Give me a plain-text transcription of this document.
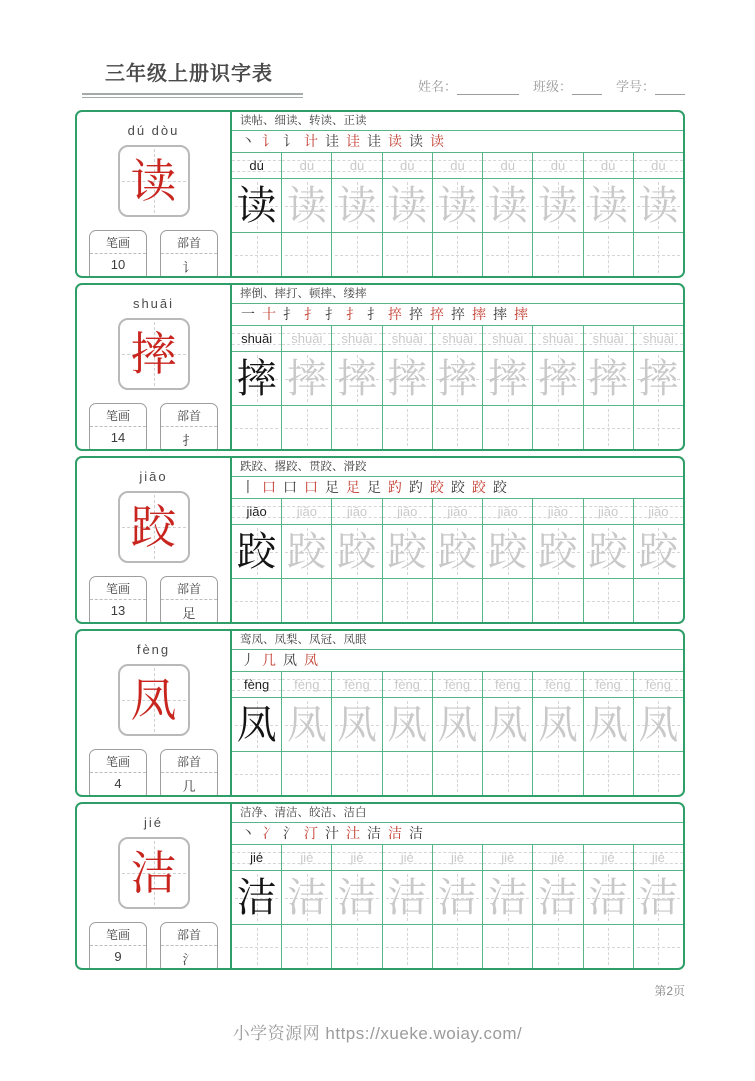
三年级上册识字表
姓名：	班级：	学号：
dú dòu
读
笔画
10
部首
讠
读帖、细读、转读、正读
丶 讠 讠 计 诖 诖 诖 读 读 读
dú	dú	dú	dú	dú	dú	dú	dú	dú
读 读 读 读 读 读 读 读 读
shuāi
摔
笔画
14
部首
扌
摔倒、摔打、顿摔、缕摔
一 十 扌 扌 扌 扌 扌 捽 捽 捽 捽 摔 摔 摔
shuāi shuāi shuāi shuāi shuāi shuāi shuāi shuāi shuāi
摔 摔 摔 摔 摔 摔 摔 摔 摔
jiāo
跤
笔画
13
部首
足
跌跤、撂跤、贯跤、滑跤
丨 口 口 口 足 足 足 趵 趵 跤 跤 跤 跤
jiāo jiāo jiāo jiāo jiāo jiāo jiāo jiāo jiāo
跤 跤 跤 跤 跤 跤 跤 跤 跤
fèng
凤
笔画
4
部首
几
鸾凤、凤梨、凤冠、凤眼
丿 几 凤 凤
fèng fèng fèng fèng fèng fèng fèng fèng fèng
凤 凤 凤 凤 凤 凤 凤 凤 凤
jié
洁
笔画
9
部首
氵
洁净、清洁、皎洁、洁白
丶 冫 氵 汀 汁 汢 洁 洁 洁
jié	jié	jié	jié	jié	jié	jié	jié	jié
洁 洁 洁 洁 洁 洁 洁 洁 洁
第2页
小学资源网 https://xueke.woiay.com/
